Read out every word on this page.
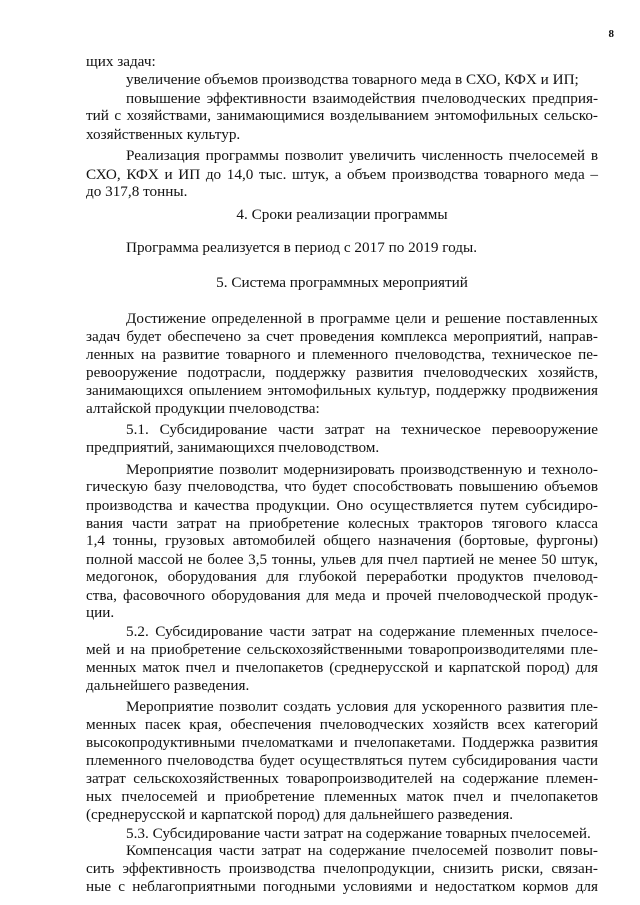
8
щих задач:
увеличение объемов производства товарного меда в СХО, КФХ и ИП;
повышение эффективности взаимодействия пчеловодческих предприя-
тий с хозяйствами, занимающимися возделыванием энтомофильных сельско-
хозяйственных культур.
Реализация программы позволит увеличить численность пчелосемей в
СХО, КФХ и ИП до 14,0 тыс. штук, а объем производства товарного меда –
до 317,8 тонны.
4. Сроки реализации программы
Программа реализуется в период с 2017 по 2019 годы.
5. Система программных мероприятий
Достижение определенной в программе цели и решение поставленных
задач будет обеспечено за счет проведения комплекса мероприятий, направ-
ленных на развитие товарного и племенного пчеловодства, техническое пе-
ревооружение подотрасли, поддержку развития пчеловодческих хозяйств,
занимающихся опылением энтомофильных культур, поддержку продвижения
алтайской продукции пчеловодства:
5.1. Субсидирование части затрат на техническое перевооружение
предприятий, занимающихся пчеловодством.
Мероприятие позволит модернизировать производственную и техноло-
гическую базу пчеловодства, что будет способствовать повышению объемов
производства и качества продукции. Оно осуществляется путем субсидиро-
вания части затрат на приобретение колесных тракторов тягового класса
1,4 тонны, грузовых автомобилей общего назначения (бортовые, фургоны)
полной массой не более 3,5 тонны, ульев для пчел партией не менее 50 штук,
медогонок, оборудования для глубокой переработки продуктов пчеловод-
ства, фасовочного оборудования для меда и прочей пчеловодческой продук-
ции.
5.2. Субсидирование части затрат на содержание племенных пчелосе-
мей и на приобретение сельскохозяйственными товаропроизводителями пле-
менных маток пчел и пчелопакетов (среднерусской и карпатской пород) для
дальнейшего разведения.
Мероприятие позволит создать условия для ускоренного развития пле-
менных пасек края, обеспечения пчеловодческих хозяйств всех категорий
высокопродуктивными пчеломатками и пчелопакетами. Поддержка развития
племенного пчеловодства будет осуществляться путем субсидирования части
затрат сельскохозяйственных товаропроизводителей на содержание племен-
ных пчелосемей и приобретение племенных маток пчел и пчелопакетов
(среднерусской и карпатской пород) для дальнейшего разведения.
5.3. Субсидирование части затрат на содержание товарных пчелосемей.
Компенсация части затрат на содержание пчелосемей позволит повы-
сить эффективность производства пчелопродукции, снизить риски, связан-
ные с неблагоприятными погодными условиями и недостатком кормов для
